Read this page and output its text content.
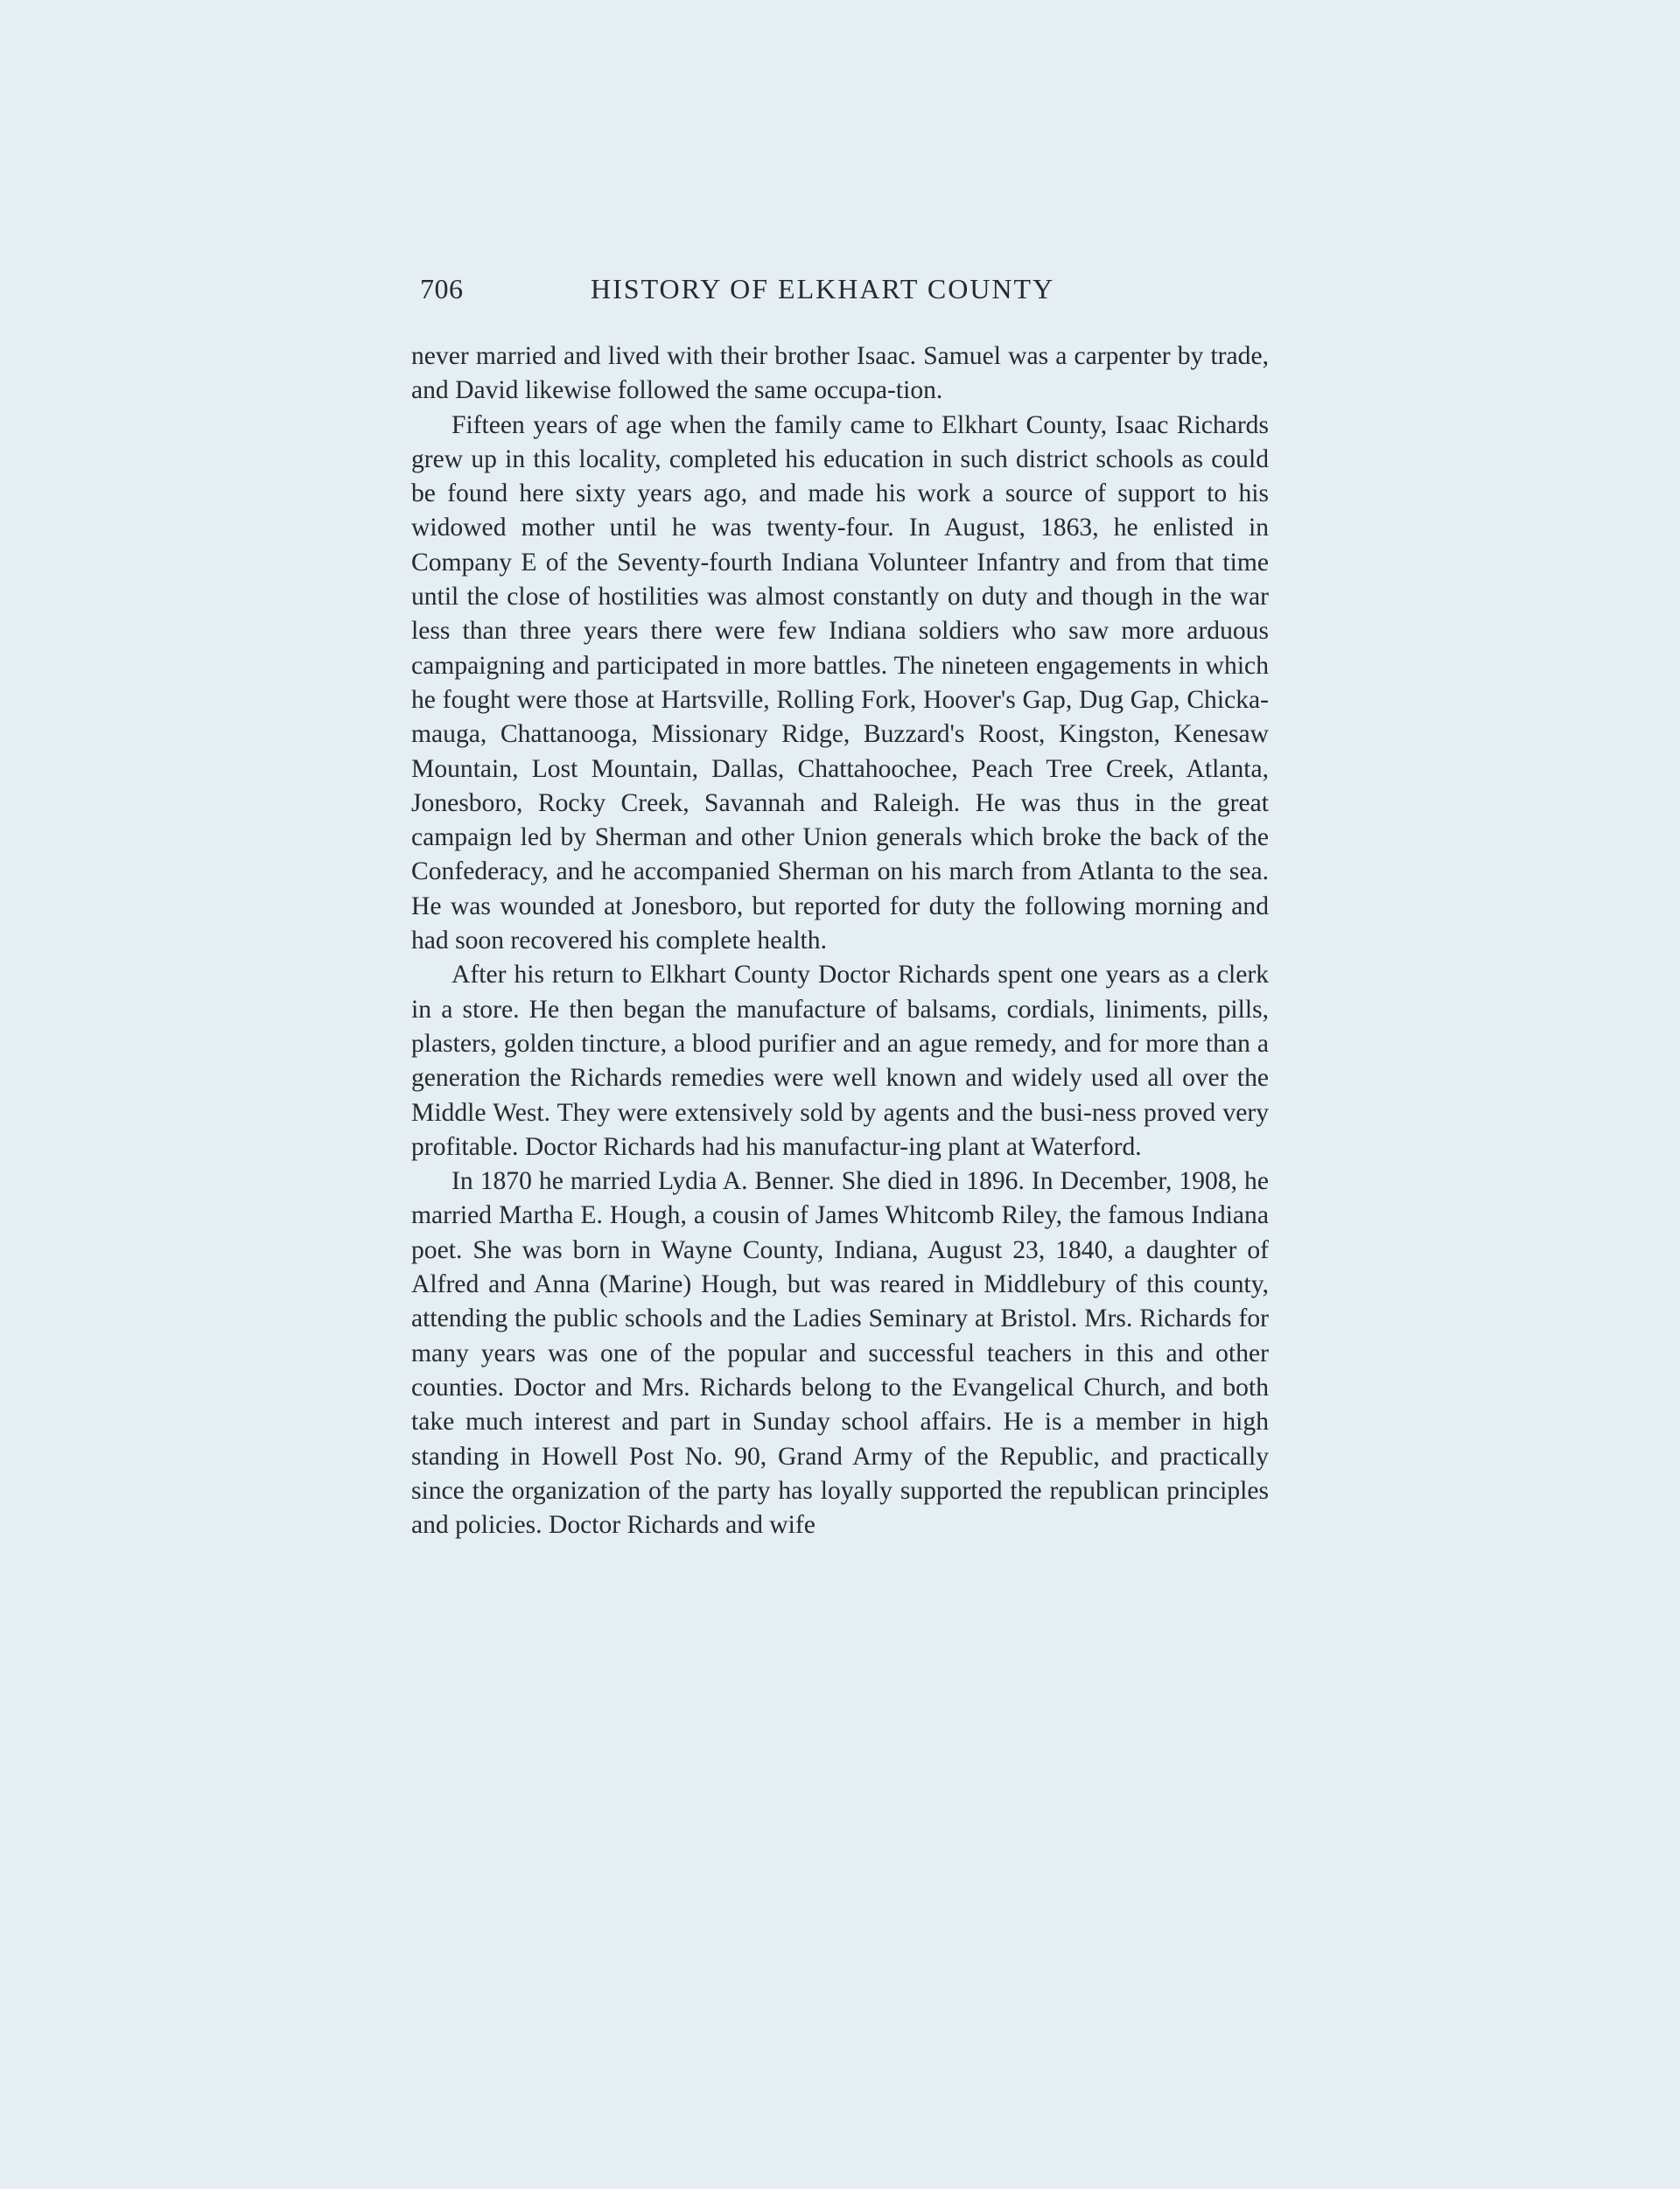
706	HISTORY OF ELKHART COUNTY

never married and lived with their brother Isaac. Samuel was a carpenter by trade, and David likewise followed the same occupa-tion.

Fifteen years of age when the family came to Elkhart County, Isaac Richards grew up in this locality, completed his education in such district schools as could be found here sixty years ago, and made his work a source of support to his widowed mother until he was twenty-four. In August, 1863, he enlisted in Company E of the Seventy-fourth Indiana Volunteer Infantry and from that time until the close of hostilities was almost constantly on duty and though in the war less than three years there were few Indiana soldiers who saw more arduous campaigning and participated in more battles. The nineteen engagements in which he fought were those at Hartsville, Rolling Fork, Hoover's Gap, Dug Gap, Chicka-mauga, Chattanooga, Missionary Ridge, Buzzard's Roost, Kingston, Kenesaw Mountain, Lost Mountain, Dallas, Chattahoochee, Peach Tree Creek, Atlanta, Jonesboro, Rocky Creek, Savannah and Raleigh. He was thus in the great campaign led by Sherman and other Union generals which broke the back of the Confederacy, and he accompanied Sherman on his march from Atlanta to the sea. He was wounded at Jonesboro, but reported for duty the following morning and had soon recovered his complete health.

After his return to Elkhart County Doctor Richards spent one years as a clerk in a store. He then began the manufacture of balsams, cordials, liniments, pills, plasters, golden tincture, a blood purifier and an ague remedy, and for more than a generation the Richards remedies were well known and widely used all over the Middle West. They were extensively sold by agents and the busi-ness proved very profitable. Doctor Richards had his manufactur-ing plant at Waterford.

In 1870 he married Lydia A. Benner. She died in 1896. In December, 1908, he married Martha E. Hough, a cousin of James Whitcomb Riley, the famous Indiana poet. She was born in Wayne County, Indiana, August 23, 1840, a daughter of Alfred and Anna (Marine) Hough, but was reared in Middlebury of this county, attending the public schools and the Ladies Seminary at Bristol. Mrs. Richards for many years was one of the popular and successful teachers in this and other counties. Doctor and Mrs. Richards belong to the Evangelical Church, and both take much interest and part in Sunday school affairs. He is a member in high standing in Howell Post No. 90, Grand Army of the Republic, and practically since the organization of the party has loyally supported the republican principles and policies. Doctor Richards and wife
